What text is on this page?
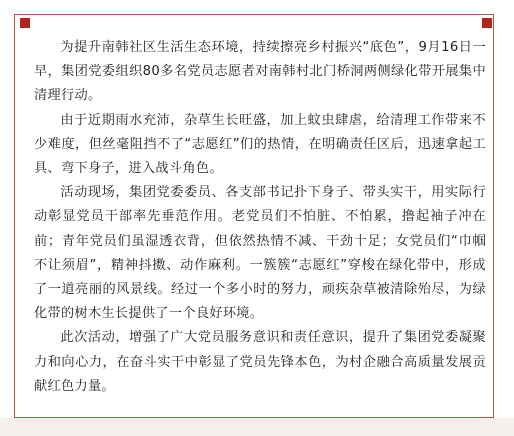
为提升南韩社区生活生态环境，持续擦亮乡村振兴“底色”，9月16日一早，集团党委组织80多名党员志愿者对南韩村北门桥洞两侧绿化带开展集中清理行动。

由于近期雨水充沛，杂草生长旺盛，加上蚊虫肆虐，给清理工作带来不少难度，但丝毫阻挡不了“志愿红”们的热情，在明确责任区后，迅速拿起工具、弯下身子，进入战斗角色。

活动现场，集团党委委员、各支部书记扑下身子、带头实干，用实际行动彰显党员干部率先垂范作用。老党员们不怕脏、不怕累，撸起袖子冲在前；青年党员们虽湿透衣背，但依然热情不减、干劲十足；女党员们“巾帼不让须眉”，精神抖擞、动作麻利。一簇簇“志愿红”穿梭在绿化带中，形成了一道亮丽的风景线。经过一个多小时的努力，顽疾杂草被清除殆尽，为绿化带的树木生长提供了一个良好环境。

此次活动，增强了广大党员服务意识和责任意识，提升了集团党委凝聚力和向心力，在奋斗实干中彰显了党员先锋本色，为村企融合高质量发展贡献红色力量。
